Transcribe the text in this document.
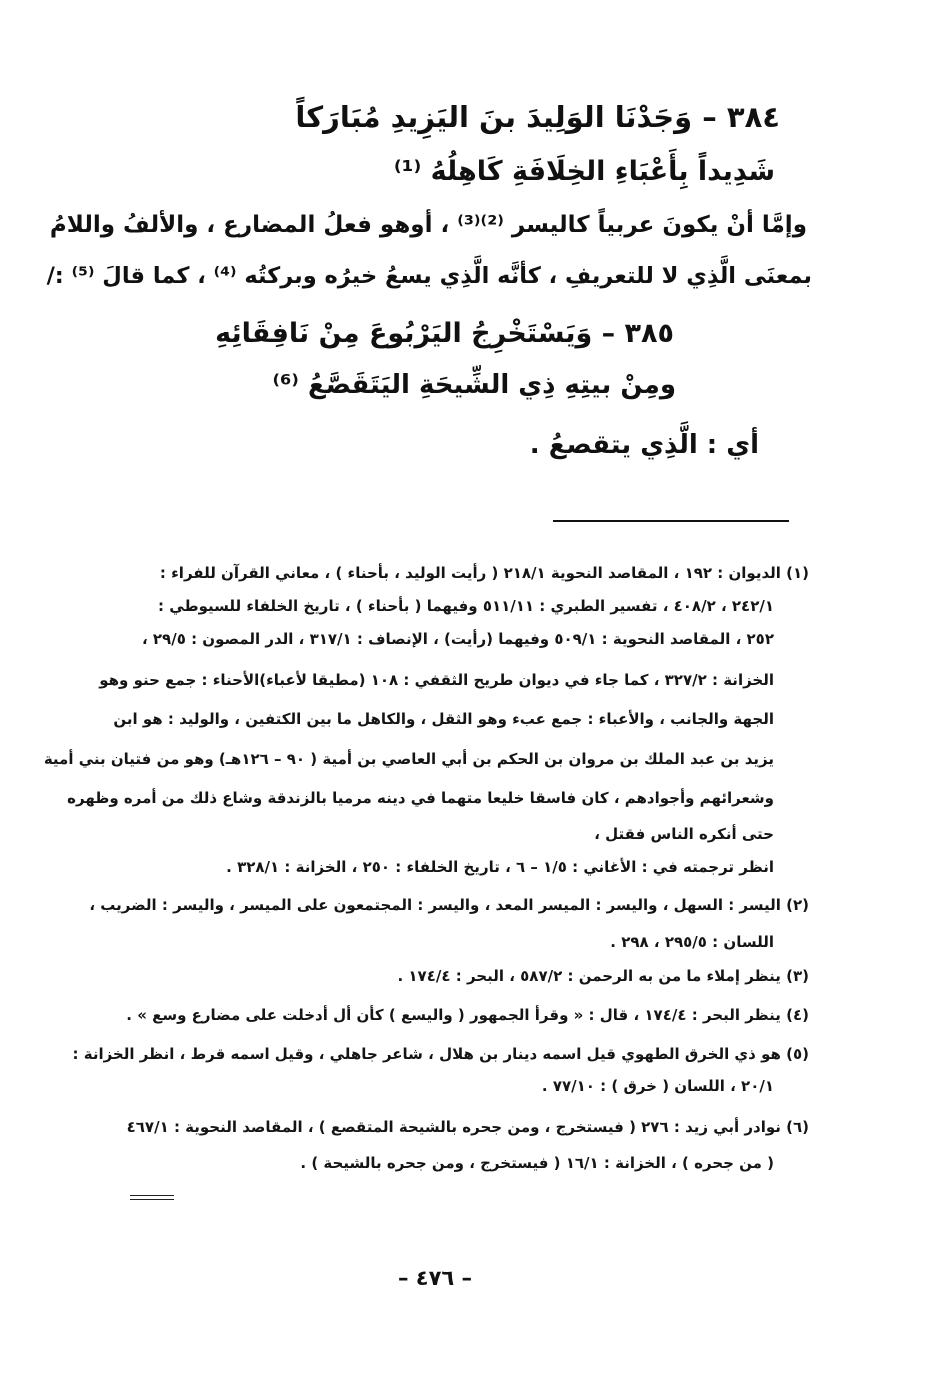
٣٨٤ – وَجَدْنَا الوَلِيدَ بنَ اليَزِيدِ مُبَارَكاً
شَدِيداً بِأَعْبَاءِ الخِلَافَةِ كَاهِلُهُ ⁽¹⁾
وإمَّا أنْ يكونَ عربياً كاليسر ⁽²⁾⁽³⁾ ، أوهو فعلُ المضارع ، والألفُ واللامُ
بمعنَى الَّذِي لا للتعريفِ ، كأنَّه الَّذِي يسعُ خيرُه وبركتُه ⁽⁴⁾ ، كما قالَ ⁽⁵⁾ :/
٣٨٥ – وَيَسْتَخْرِجُ اليَرْبُوعَ مِنْ نَافِقَائِهِ
ومِنْ بيتِهِ ذِي الشِّيحَةِ اليَتَقَصَّعُ ⁽⁶⁾
أي : الَّذِي يتقصعُ .
(١) الديوان : ١٩٢ ، المقاصد النحوية ٢١٨/١ ( رأيت الوليد ، بأحناء ) ، معاني القرآن للفراء :
٢٤٢/١ ، ٤٠٨/٢ ، تفسير الطبري : ٥١١/١١ وفيهما ( بأحناء ) ، تاريخ الخلفاء للسيوطي :
٢٥٢ ، المقاصد النحوية : ٥٠٩/١ وفيهما (رأيت) ، الإنصاف : ٣١٧/١ ، الدر المصون : ٢٩/٥ ،
الخزانة : ٣٢٧/٢ ، كما جاء في ديوان طريح الثقفي : ١٠٨ (مطيقا لأعباء)الأحناء : جمع حنو وهو
الجهة والجانب ، والأعباء : جمع عبء وهو الثقل ، والكاهل ما بين الكتفين ، والوليد : هو ابن
يزيد بن عبد الملك بن مروان بن الحكم بن أبي العاصي بن أمية ( ٩٠ – ١٢٦هـ) وهو من فتيان بني أمية
وشعرائهم وأجوادهم ، كان فاسقا خليعا متهما في دينه مرميا بالزندقة وشاع ذلك من أمره وظهره
حتى أنكره الناس فقتل ،
انظر ترجمته في : الأغاني : ١/٥ – ٦ ، تاريخ الخلفاء : ٢٥٠ ، الخزانة : ٣٢٨/١ .
(٢) اليسر : السهل ، واليسر : الميسر المعد ، واليسر : المجتمعون على الميسر ، واليسر : الضريب ،
اللسان : ٢٩٥/٥ ، ٢٩٨ .
(٣) ينظر إملاء ما من به الرحمن : ٥٨٧/٢ ، البحر : ١٧٤/٤ .
(٤) ينظر البحر : ١٧٤/٤ ، قال : « وقرأ الجمهور ( واليسع ) كأن أل أدخلت على مضارع وسع » .
(٥) هو ذي الخرق الطهوي قيل اسمه دينار بن هلال ، شاعر جاهلي ، وقيل اسمه قرط ، انظر الخزانة :
٢٠/١ ، اللسان ( خرق ) : ٧٧/١٠ .
(٦) نوادر أبي زيد : ٢٧٦ ( فيستخرج ، ومن جحره بالشيحة المتقصع ) ، المقاصد النحوية : ٤٦٧/١
( من جحره ) ، الخزانة : ١٦/١ ( فيستخرج ، ومن جحره بالشيحة ) .
– ٤٧٦ –
